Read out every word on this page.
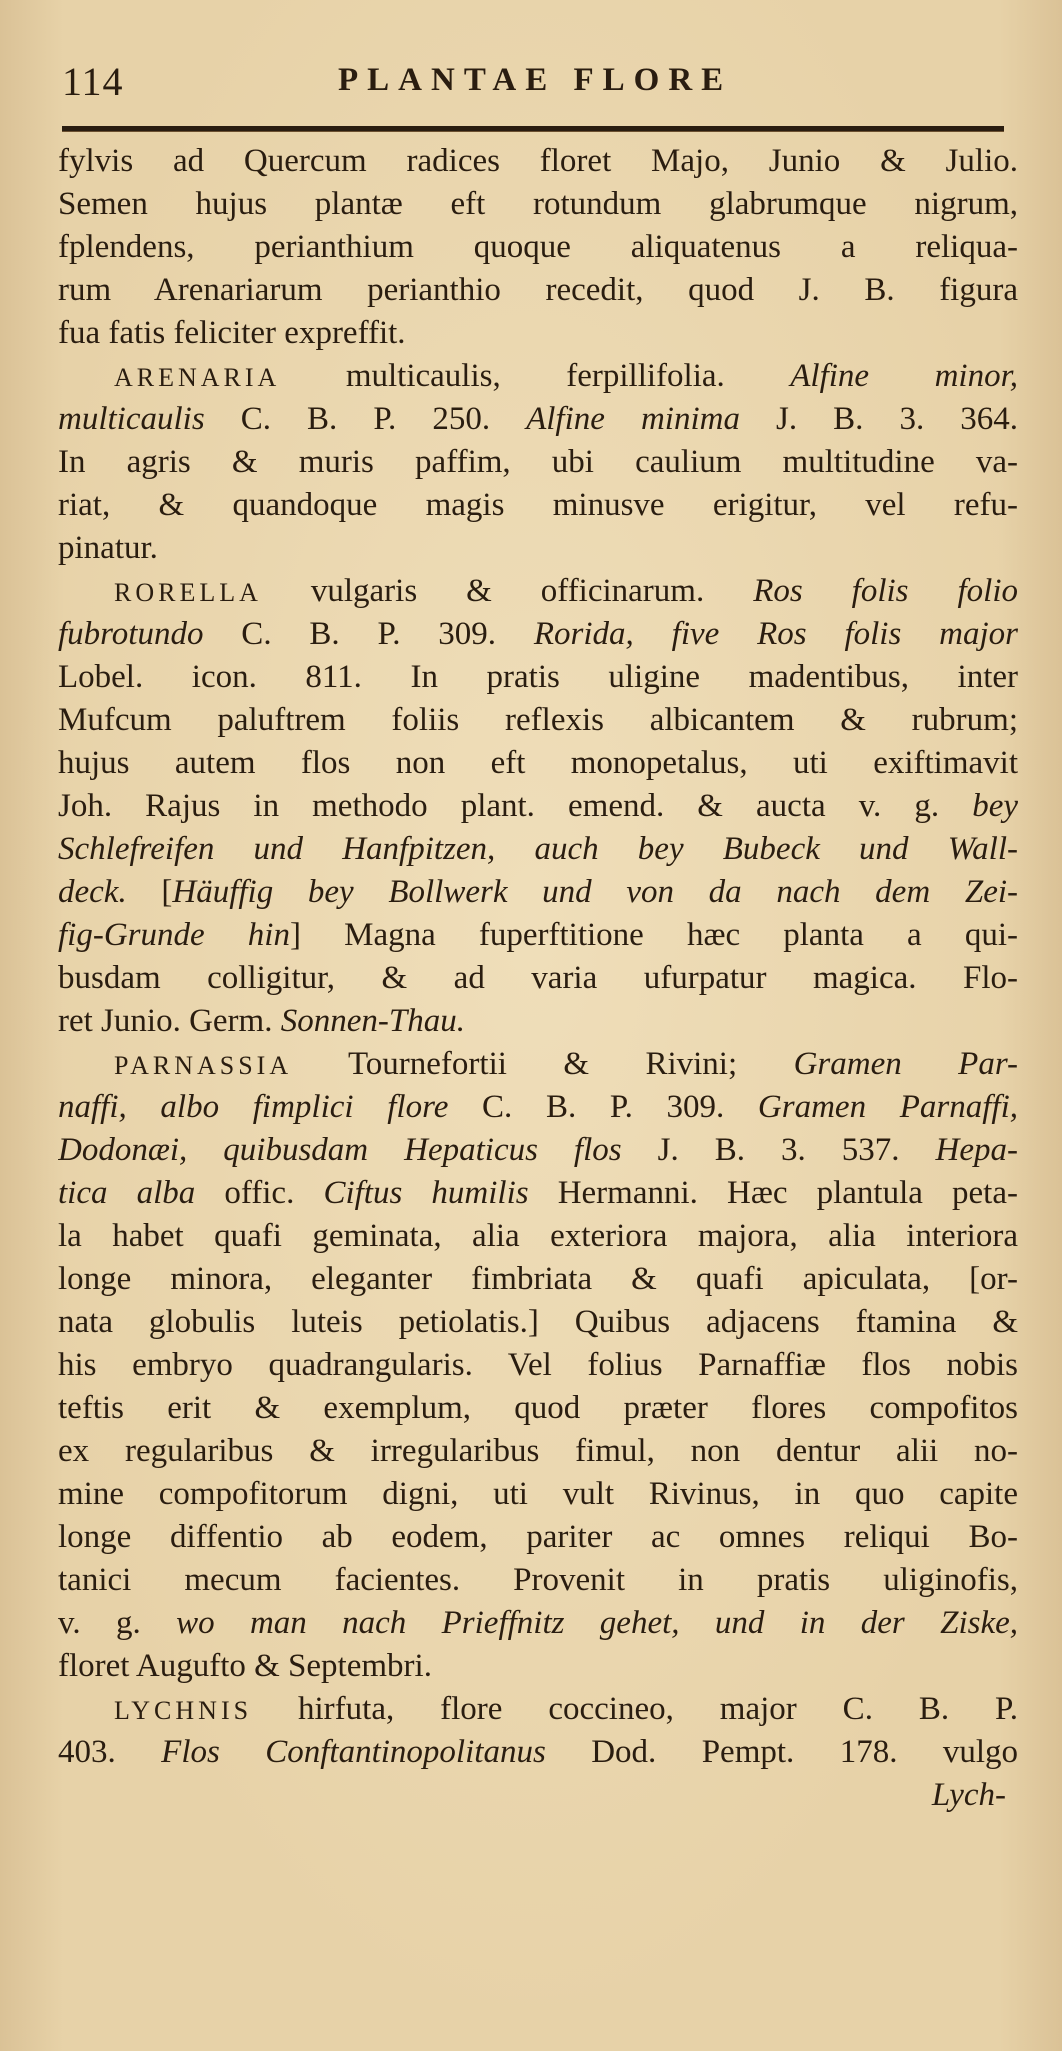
114	PLANTAE FLORE
fylvis ad Quercum radices floret Majo, Junio & Julio.
Semen hujus plantæ eft rotundum glabrumque nigrum,
fplendens, perianthium quoque aliquatenus a reliqua-
rum Arenariarum perianthio recedit, quod J. B. figura
fua fatis feliciter expreffit.
ARENARIA multicaulis, ferpillifolia. Alfine minor,
multicaulis C. B. P. 250. Alfine minima J. B. 3. 364.
In agris & muris paffim, ubi caulium multitudine va-
riat, & quandoque magis minusve erigitur, vel refu-
pinatur.
RORELLA vulgaris & officinarum. Ros folis folio
fubrotundo C. B. P. 309. Rorida, five Ros folis major
Lobel. icon. 811. In pratis uligine madentibus, inter
Mufcum paluftrem foliis reflexis albicantem & rubrum;
hujus autem flos non eft monopetalus, uti exiftimavit
Joh. Rajus in methodo plant. emend. & aucta v. g. bey
Schlefreifen und Hanfpitzen, auch bey Bubeck und Wall-
deck. [Häuffig bey Bollwerk und von da nach dem Zei-
fig-Grunde hin] Magna fuperftitione hæc planta a qui-
busdam colligitur, & ad varia ufurpatur magica. Flo-
ret Junio. Germ. Sonnen-Thau.
PARNASSIA Tournefortii & Rivini; Gramen Par-
naffi, albo fimplici flore C. B. P. 309. Gramen Parnaffi,
Dodonæi, quibusdam Hepaticus flos J. B. 3. 537. Hepa-
tica alba offic. Ciftus humilis Hermanni. Hæc plantula peta-
la habet quafi geminata, alia exteriora majora, alia interiora
longe minora, eleganter fimbriata & quafi apiculata, [or-
nata globulis luteis petiolatis.] Quibus adjacens ftamina &
his embryo quadrangularis. Vel folius Parnaffiæ flos nobis
teftis erit & exemplum, quod præter flores compofitos
ex regularibus & irregularibus fimul, non dentur alii no-
mine compofitorum digni, uti vult Rivinus, in quo capite
longe diffentio ab eodem, pariter ac omnes reliqui Bo-
tanici mecum facientes. Provenit in pratis uliginofis,
v. g. wo man nach Prieffnitz gehet, und in der Ziske,
floret Augufto & Septembri.
LYCHNIS hirfuta, flore coccineo, major C. B. P.
403. Flos Conftantinopolitanus Dod. Pempt. 178. vulgo
Lych-
